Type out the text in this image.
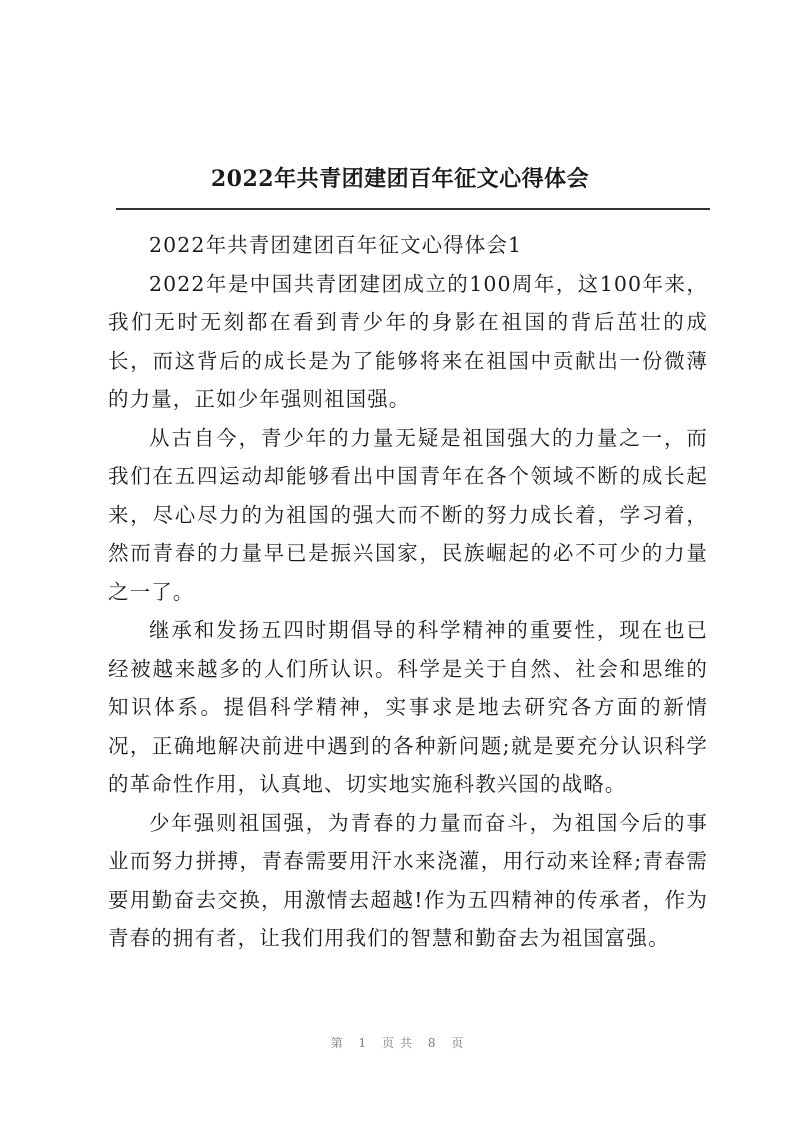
2022年共青团建团百年征文心得体会

2022年共青团建团百年征文心得体会1

2022年是中国共青团建团成立的100周年，这100年来，我们无时无刻都在看到青少年的身影在祖国的背后茁壮的成长，而这背后的成长是为了能够将来在祖国中贡献出一份微薄的力量，正如少年强则祖国强。

从古自今，青少年的力量无疑是祖国强大的力量之一，而我们在五四运动却能够看出中国青年在各个领域不断的成长起来，尽心尽力的为祖国的强大而不断的努力成长着，学习着，然而青春的力量早已是振兴国家，民族崛起的必不可少的力量之一了。

继承和发扬五四时期倡导的科学精神的重要性，现在也已经被越来越多的人们所认识。科学是关于自然、社会和思维的知识体系。提倡科学精神，实事求是地去研究各方面的新情况，正确地解决前进中遇到的各种新问题;就是要充分认识科学的革命性作用，认真地、切实地实施科教兴国的战略。

少年强则祖国强，为青春的力量而奋斗，为祖国今后的事业而努力拼搏，青春需要用汗水来浇灌，用行动来诠释;青春需要用勤奋去交换，用激情去超越!作为五四精神的传承者，作为青春的拥有者，让我们用我们的智慧和勤奋去为祖国富强。

第 1 页共 8 页
